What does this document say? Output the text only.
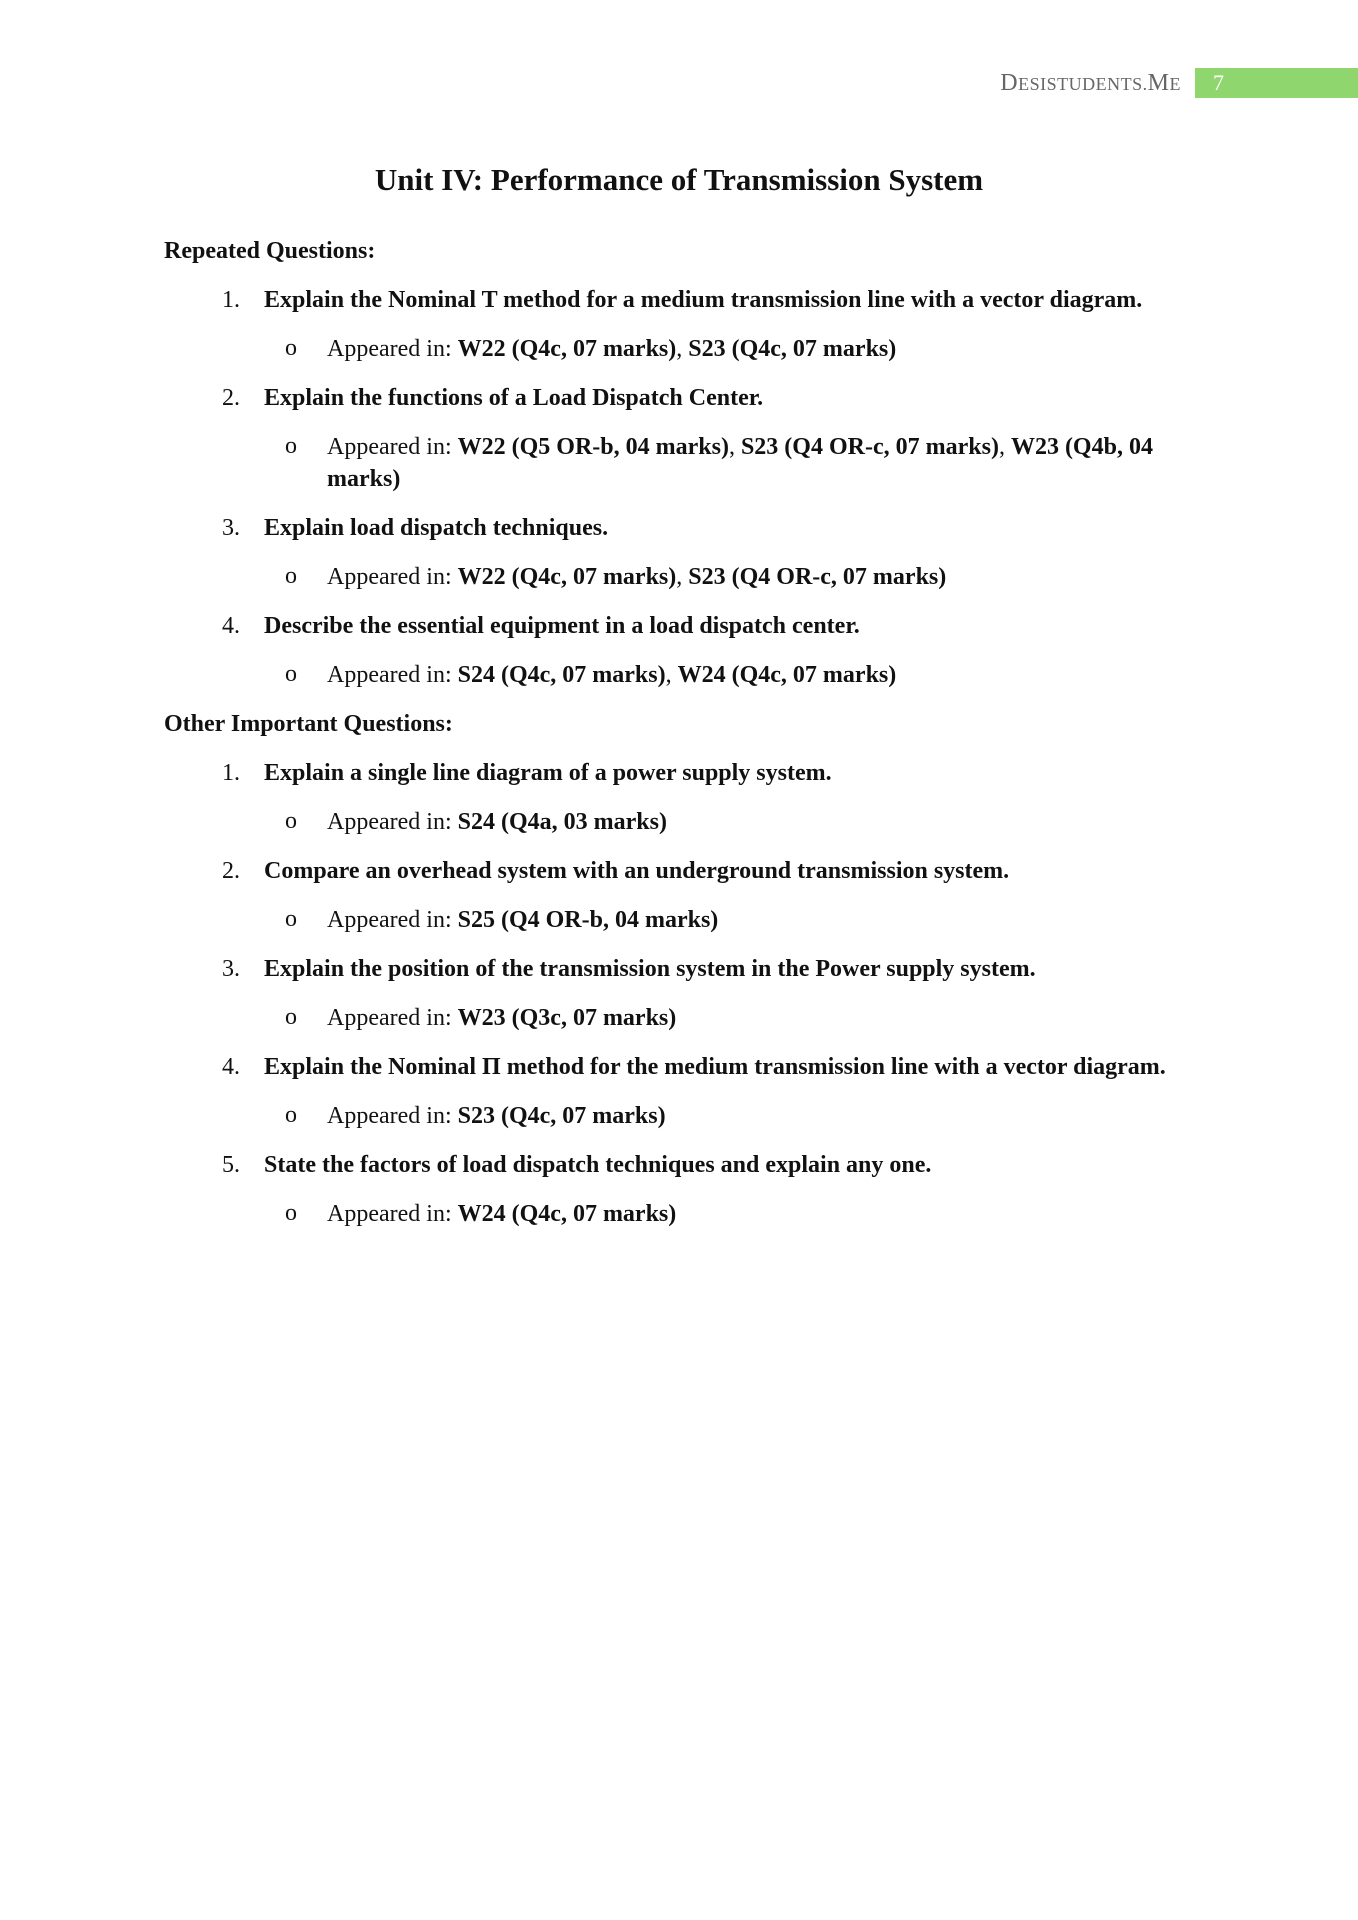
DESISTUDENTS.ME	7
Unit IV: Performance of Transmission System
Repeated Questions:
1. Explain the Nominal T method for a medium transmission line with a vector diagram.
o Appeared in: W22 (Q4c, 07 marks), S23 (Q4c, 07 marks)
2. Explain the functions of a Load Dispatch Center.
o Appeared in: W22 (Q5 OR-b, 04 marks), S23 (Q4 OR-c, 07 marks), W23 (Q4b, 04 marks)
3. Explain load dispatch techniques.
o Appeared in: W22 (Q4c, 07 marks), S23 (Q4 OR-c, 07 marks)
4. Describe the essential equipment in a load dispatch center.
o Appeared in: S24 (Q4c, 07 marks), W24 (Q4c, 07 marks)
Other Important Questions:
1. Explain a single line diagram of a power supply system.
o Appeared in: S24 (Q4a, 03 marks)
2. Compare an overhead system with an underground transmission system.
o Appeared in: S25 (Q4 OR-b, 04 marks)
3. Explain the position of the transmission system in the Power supply system.
o Appeared in: W23 (Q3c, 07 marks)
4. Explain the Nominal Π method for the medium transmission line with a vector diagram.
o Appeared in: S23 (Q4c, 07 marks)
5. State the factors of load dispatch techniques and explain any one.
o Appeared in: W24 (Q4c, 07 marks)
